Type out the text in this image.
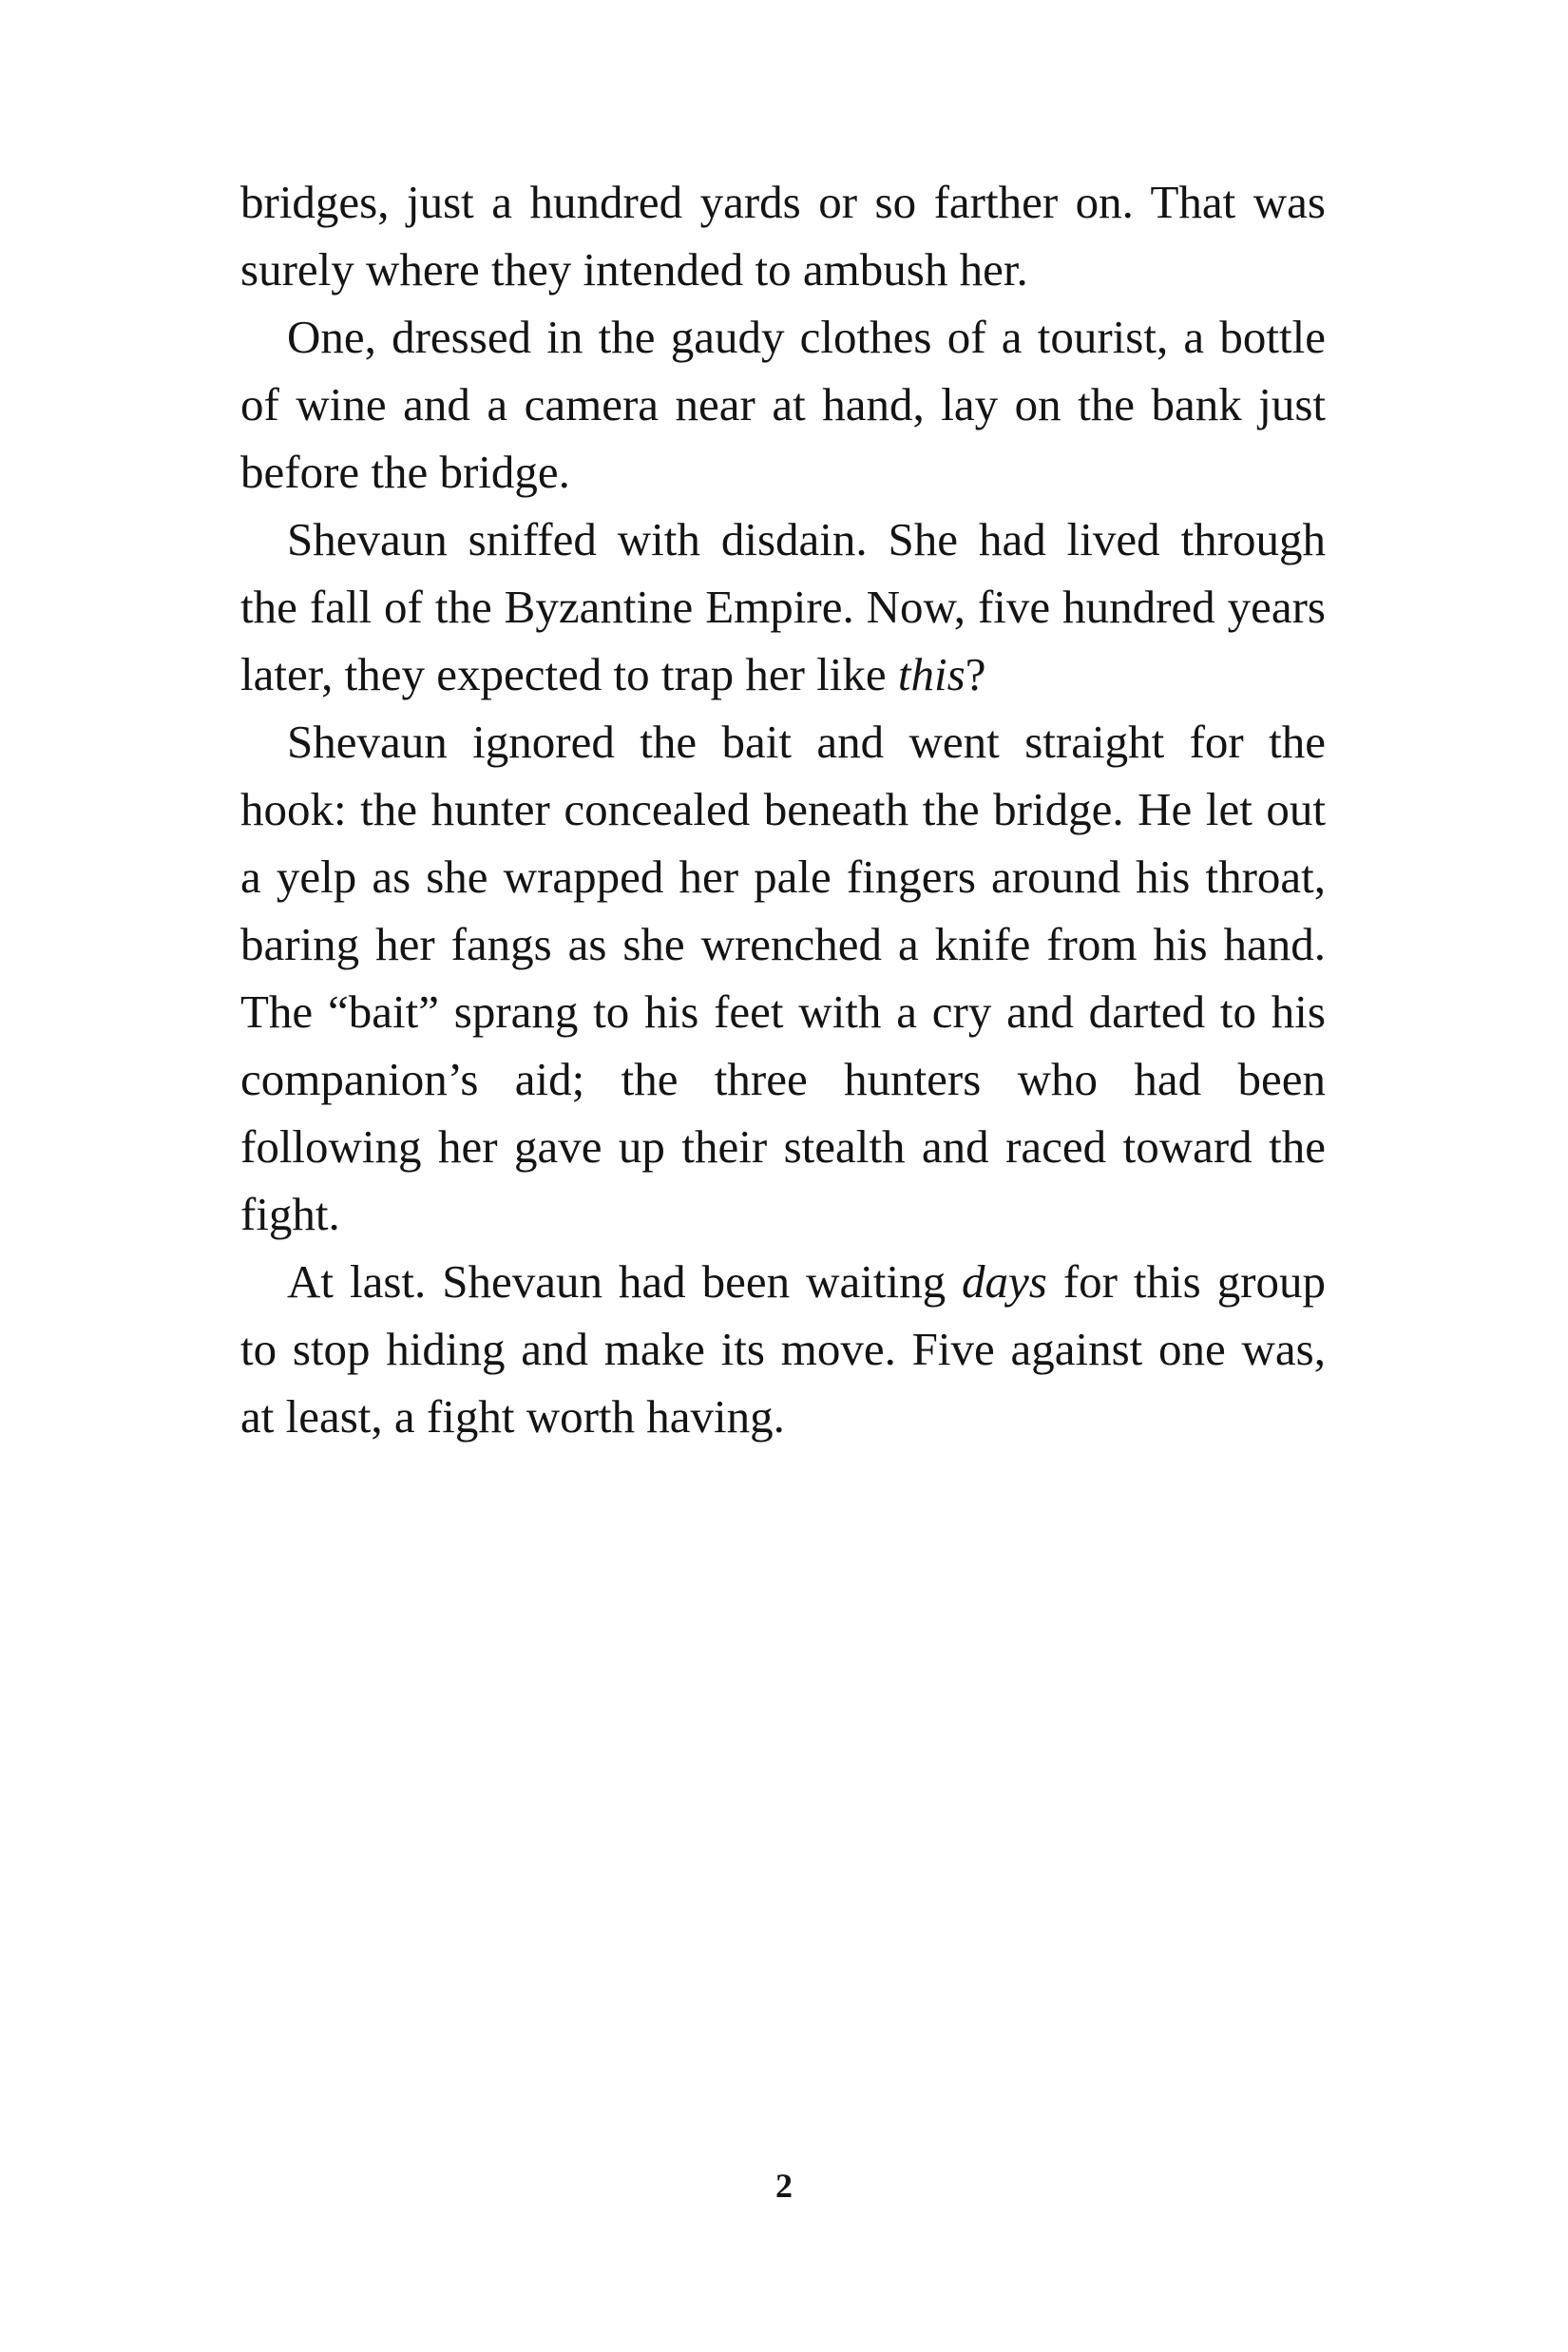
bridges, just a hundred yards or so farther on. That was surely where they intended to ambush her.

One, dressed in the gaudy clothes of a tourist, a bottle of wine and a camera near at hand, lay on the bank just before the bridge.

Shevaun sniffed with disdain. She had lived through the fall of the Byzantine Empire. Now, five hundred years later, they expected to trap her like this?

Shevaun ignored the bait and went straight for the hook: the hunter concealed beneath the bridge. He let out a yelp as she wrapped her pale fingers around his throat, baring her fangs as she wrenched a knife from his hand. The “bait” sprang to his feet with a cry and darted to his companion’s aid; the three hunters who had been following her gave up their stealth and raced toward the fight.

At last. Shevaun had been waiting days for this group to stop hiding and make its move. Five against one was, at least, a fight worth having.

2
